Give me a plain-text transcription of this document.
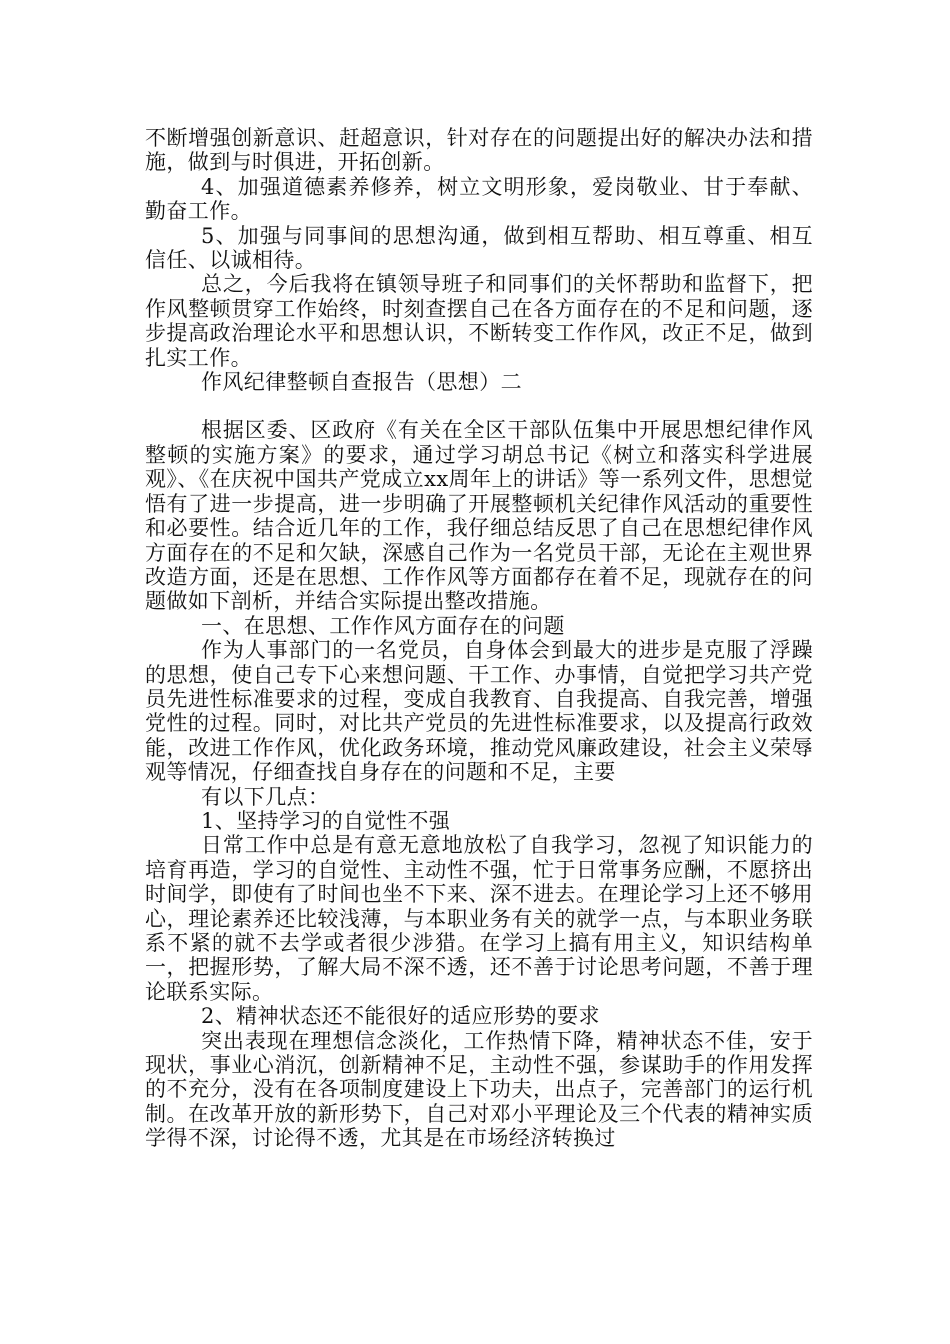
不断增强创新意识、赶超意识，针对存在的问题提出好的解决办法和措施，做到与时俱进，开拓创新。

4、加强道德素养修养，树立文明形象，爱岗敬业、甘于奉献、勤奋工作。

5、加强与同事间的思想沟通，做到相互帮助、相互尊重、相互信任、以诚相待。

总之，今后我将在镇领导班子和同事们的关怀帮助和监督下，把作风整顿贯穿工作始终，时刻查摆自己在各方面存在的不足和问题，逐步提高政治理论水平和思想认识，不断转变工作作风，改正不足，做到扎实工作。

作风纪律整顿自查报告（思想）二

根据区委、区政府《有关在全区干部队伍集中开展思想纪律作风整顿的实施方案》的要求，通过学习胡总书记《树立和落实科学进展观》、《在庆祝中国共产党成立xx周年上的讲话》等一系列文件，思想觉悟有了进一步提高，进一步明确了开展整顿机关纪律作风活动的重要性和必要性。结合近几年的工作，我仔细总结反思了自己在思想纪律作风方面存在的不足和欠缺，深感自己作为一名党员干部，无论在主观世界改造方面，还是在思想、工作作风等方面都存在着不足，现就存在的问题做如下剖析，并结合实际提出整改措施。

一、在思想、工作作风方面存在的问题

作为人事部门的一名党员，自身体会到最大的进步是克服了浮躁的思想，使自己专下心来想问题、干工作、办事情，自觉把学习共产党员先进性标准要求的过程，变成自我教育、自我提高、自我完善，增强党性的过程。同时，对比共产党员的先进性标准要求，以及提高行政效能，改进工作作风，优化政务环境，推动党风廉政建设，社会主义荣辱观等情况，仔细查找自身存在的问题和不足，主要

有以下几点：

1、坚持学习的自觉性不强

日常工作中总是有意无意地放松了自我学习，忽视了知识能力的培育再造，学习的自觉性、主动性不强，忙于日常事务应酬，不愿挤出时间学，即使有了时间也坐不下来、深不进去。在理论学习上还不够用心，理论素养还比较浅薄，与本职业务有关的就学一点，与本职业务联系不紧的就不去学或者很少涉猎。在学习上搞有用主义，知识结构单一，把握形势，了解大局不深不透，还不善于讨论思考问题，不善于理论联系实际。

2、精神状态还不能很好的适应形势的要求

突出表现在理想信念淡化，工作热情下降，精神状态不佳，安于现状，事业心消沉，创新精神不足，主动性不强，参谋助手的作用发挥的不充分，没有在各项制度建设上下功夫，出点子，完善部门的运行机制。在改革开放的新形势下，自己对邓小平理论及三个代表的精神实质学得不深，讨论得不透，尤其是在市场经济转换过
